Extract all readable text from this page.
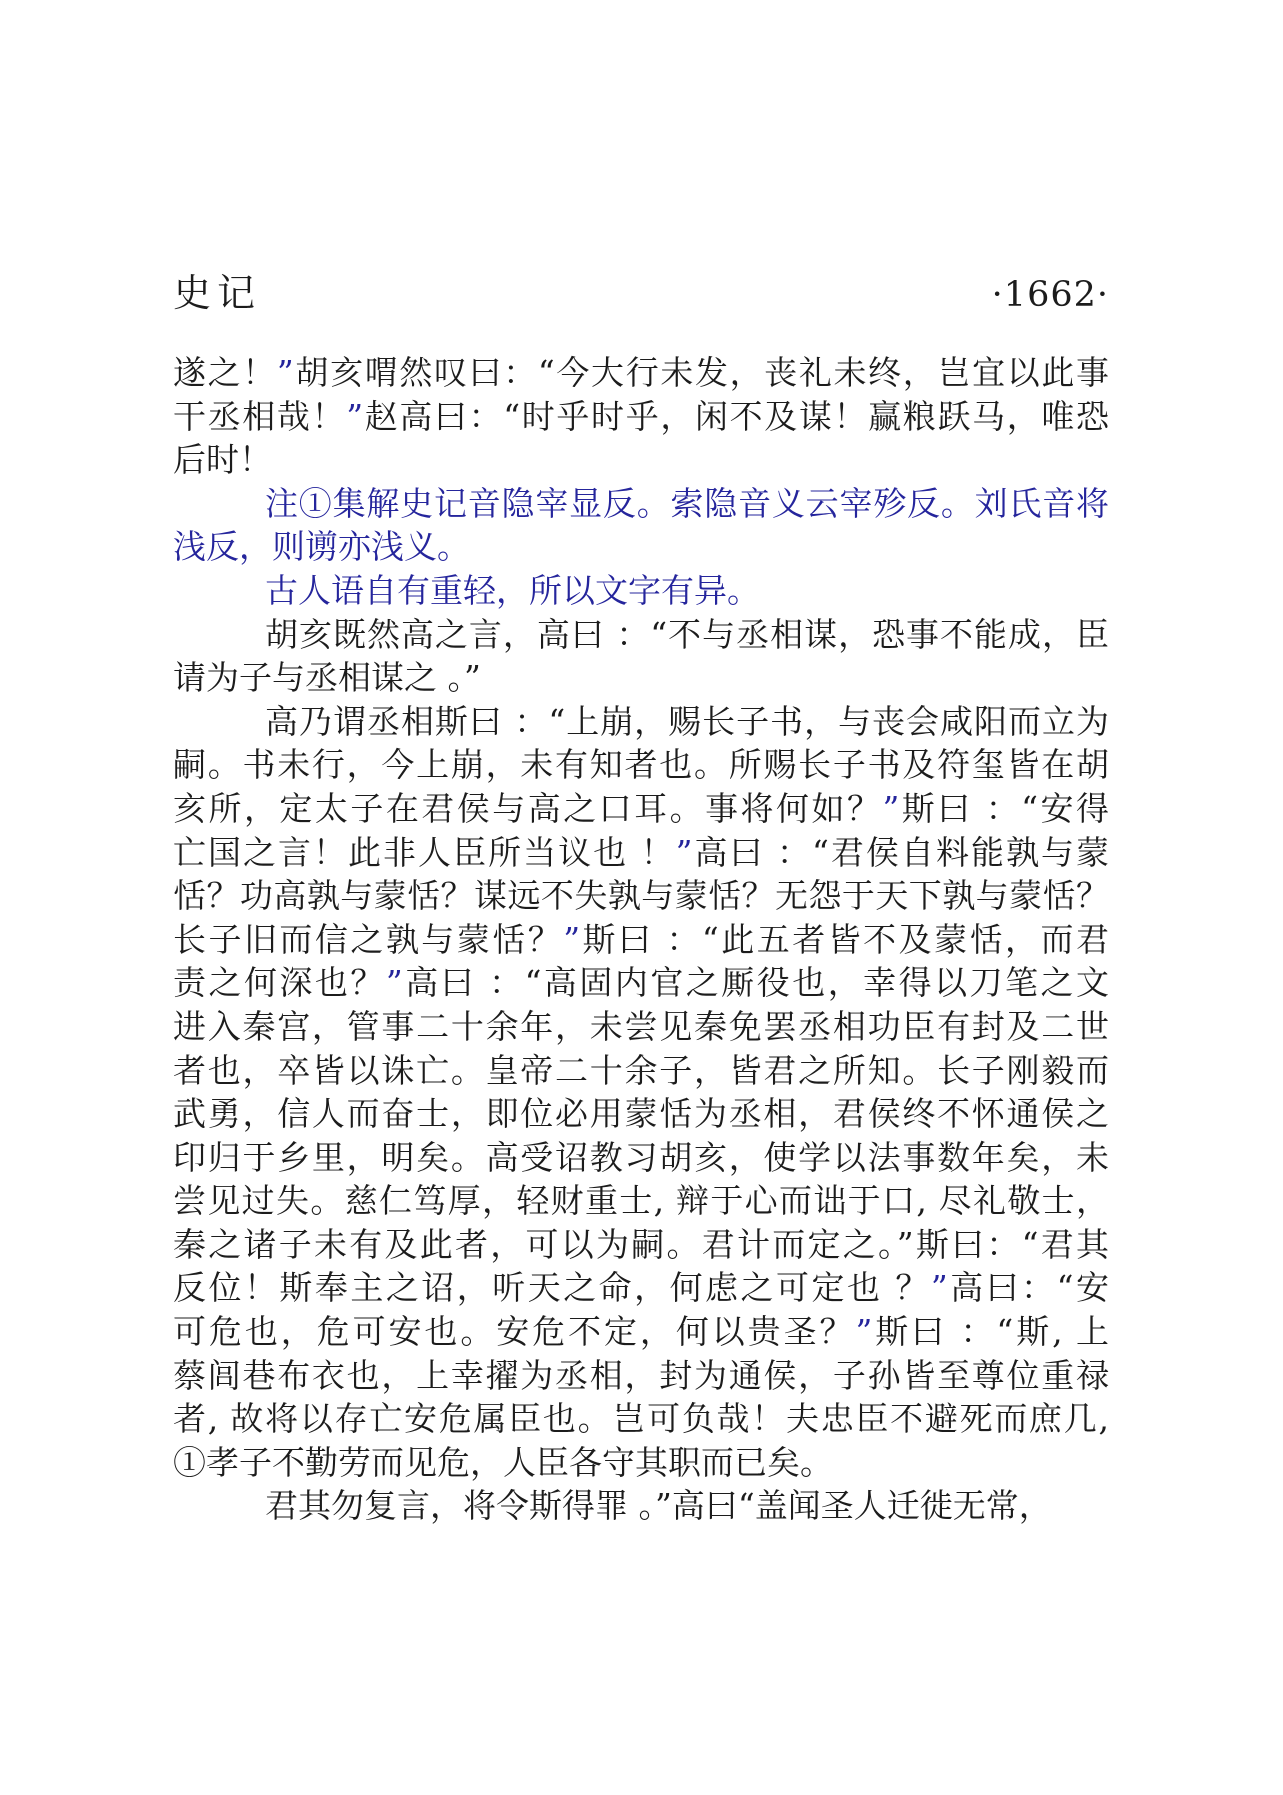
史记	·1662·
遂之！”胡亥喟然叹曰：“今大行未发，丧礼未终，岂宜以此事
干丞相哉！”赵高曰：“时乎时乎，闲不及谋！赢粮跃马，唯恐
后时！
注①集解史记音隐宰显反。索隐音义云宰殄反。刘氏音将
浅反，则谫亦浅义。
古人语自有重轻，所以文字有异。
胡亥既然高之言，高曰 ：“不与丞相谋，恐事不能成，臣
请为子与丞相谋之 。”
高乃谓丞相斯曰 ：“上崩，赐长子书，与丧会咸阳而立为
嗣。书未行，今上崩，未有知者也。所赐长子书及符玺皆在胡
亥所，定太子在君侯与高之口耳。事将何如？”斯曰 ：“安得
亡国之言！此非人臣所当议也 ！”高曰 ：“君侯自料能孰与蒙
恬？功高孰与蒙恬？谋远不失孰与蒙恬？无怨于天下孰与蒙恬？
长子旧而信之孰与蒙恬？”斯曰 ：“此五者皆不及蒙恬，而君
责之何深也？”高曰 ：“高固内官之厮役也，幸得以刀笔之文
进入秦宫，管事二十余年，未尝见秦免罢丞相功臣有封及二世
者也，卒皆以诛亡。皇帝二十余子，皆君之所知。长子刚毅而
武勇，信人而奋士，即位必用蒙恬为丞相，君侯终不怀通侯之
印归于乡里，明矣。高受诏教习胡亥，使学以法事数年矣，未
尝见过失。慈仁笃厚，轻财重士, 辩于心而诎于口, 尽礼敬士，
秦之诸子未有及此者，可以为嗣。君计而定之。”斯曰：“君其
反位！斯奉主之诏，听天之命，何虑之可定也 ？”高曰：“安
可危也，危可安也。安危不定，何以贵圣？”斯曰 ：“斯, 上
蔡闾巷布衣也，上幸擢为丞相，封为通侯，子孙皆至尊位重禄
者, 故将以存亡安危属臣也。岂可负哉！夫忠臣不避死而庶几,
①孝子不勤劳而见危，人臣各守其职而已矣。
君其勿复言，将令斯得罪 。”高曰“盖闻圣人迁徙无常，
